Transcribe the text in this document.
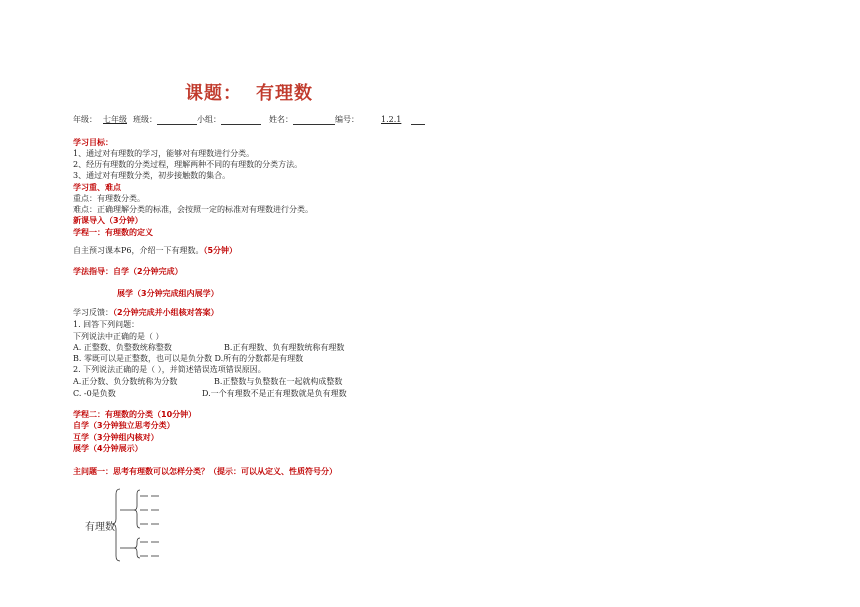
课题： 有理数
年级： 七年级 班级：	小组：	姓名：	编号：	1.2.1
学习目标：
1、通过对有理数的学习，能够对有理数进行分类。
2、经历有理数的分类过程，理解两种不同的有理数的分类方法。
3、通过对有理数分类，初步接触数的集合。
学习重、难点
重点：有理数分类。
难点：正确理解分类的标准，会按照一定的标准对有理数进行分类。
新课导入（3分钟）
学程一：有理数的定义
自主预习课本P6，介绍一下有理数。（5分钟）
学法指导：自学（2分钟完成）
展学（3分钟完成组内展学）
学习反馈：（2分钟完成并小组核对答案）
1. 回答下列问题：
下列说法中正确的是（ ）
A. 正整数、负整数统称整数	B.正有理数、负有理数统称有理数
B. 零既可以是正整数，也可以是负分数 D.所有的分数都是有理数
2. 下列说法正确的是（ ），并简述错误选项错误原因。
A.正分数、负分数统称为分数	B.正整数与负整数在一起就构成整数
C. -0是负数	D.一个有理数不是正有理数就是负有理数
学程二：有理数的分类（10分钟）
自学（3分钟独立思考分类）
互学（3分钟组内核对）
展学（4分钟展示）
主问题一：思考有理数可以怎样分类？（提示：可以从定义、性质符号分）
有理数
